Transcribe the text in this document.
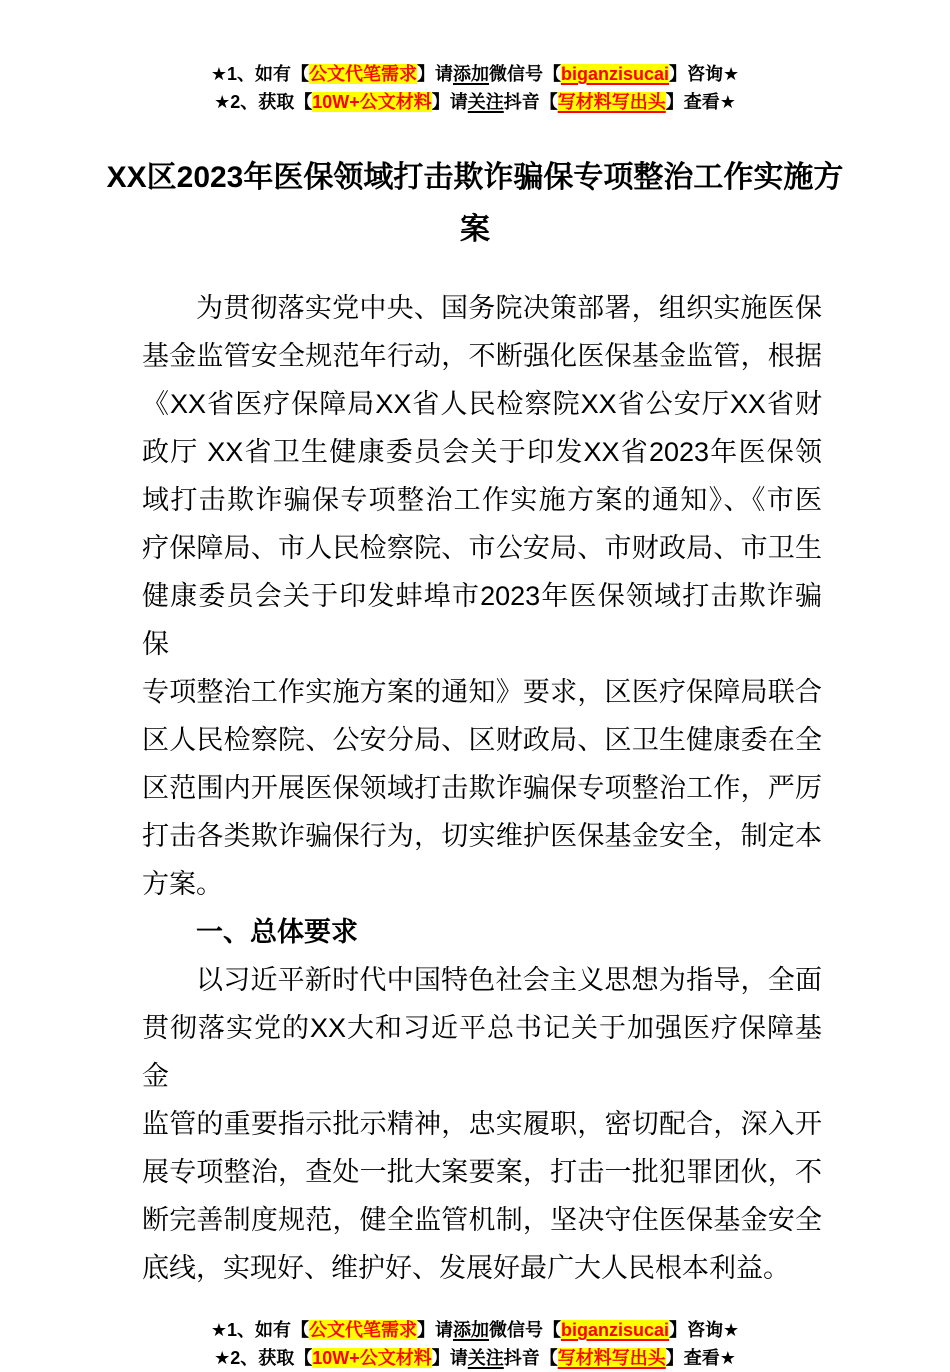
★1、如有【公文代笔需求】请添加微信号【biganzisucai】咨询★
★2、获取【10W+公文材料】请关注抖音【写材料写出头】查看★
XX区2023年医保领域打击欺诈骗保专项整治工作实施方
案
为贯彻落实党中央、国务院决策部署，组织实施医保
基金监管安全规范年行动，不断强化医保基金监管，根据
《XX省医疗保障局XX省人民检察院XX省公安厅XX省财
政厅 XX省卫生健康委员会关于印发XX省2023年医保领
域打击欺诈骗保专项整治工作实施方案的通知》、《市医
疗保障局、市人民检察院、市公安局、市财政局、市卫生
健康委员会关于印发蚌埠市2023年医保领域打击欺诈骗保
专项整治工作实施方案的通知》要求，区医疗保障局联合
区人民检察院、公安分局、区财政局、区卫生健康委在全
区范围内开展医保领域打击欺诈骗保专项整治工作，严厉
打击各类欺诈骗保行为，切实维护医保基金安全，制定本
方案。
一、总体要求
以习近平新时代中国特色社会主义思想为指导，全面
贯彻落实党的XX大和习近平总书记关于加强医疗保障基金
监管的重要指示批示精神，忠实履职，密切配合，深入开
展专项整治，查处一批大案要案，打击一批犯罪团伙，不
断完善制度规范，健全监管机制，坚决守住医保基金安全
底线，实现好、维护好、发展好最广大人民根本利益。
★1、如有【公文代笔需求】请添加微信号【biganzisucai】咨询★
★2、获取【10W+公文材料】请关注抖音【写材料写出头】查看★
